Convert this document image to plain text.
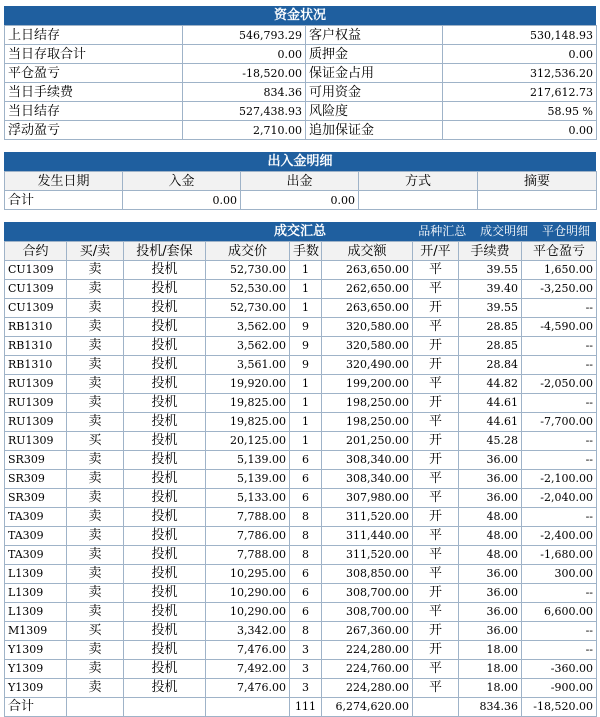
资金状况
上日结存	546,793.29	客户权益	530,148.93
当日存取合计	0.00	质押金	0.00
平仓盈亏	-18,520.00	保证金占用	312,536.20
当日手续费	834.36	可用资金	217,612.73
当日结存	527,438.93	风险度	58.95 %
浮动盈亏	2,710.00	追加保证金	0.00
出入金明细
发生日期	入金	出金	方式	摘要
合计	0.00	0.00		
成交汇总	品种汇总 成交明细 平仓明细
合约	买/卖	投机/套保	成交价	手数	成交额	开/平	手续费	平仓盈亏
CU1309	卖	投机	52,730.00	1	263,650.00	平	39.55	1,650.00
CU1309	卖	投机	52,530.00	1	262,650.00	平	39.40	-3,250.00
CU1309	卖	投机	52,730.00	1	263,650.00	开	39.55	--
RB1310	卖	投机	3,562.00	9	320,580.00	平	28.85	-4,590.00
RB1310	卖	投机	3,562.00	9	320,580.00	开	28.85	--
RB1310	卖	投机	3,561.00	9	320,490.00	开	28.84	--
RU1309	卖	投机	19,920.00	1	199,200.00	平	44.82	-2,050.00
RU1309	卖	投机	19,825.00	1	198,250.00	开	44.61	--
RU1309	卖	投机	19,825.00	1	198,250.00	平	44.61	-7,700.00
RU1309	买	投机	20,125.00	1	201,250.00	开	45.28	--
SR309	卖	投机	5,139.00	6	308,340.00	开	36.00	--
SR309	卖	投机	5,139.00	6	308,340.00	平	36.00	-2,100.00
SR309	卖	投机	5,133.00	6	307,980.00	平	36.00	-2,040.00
TA309	卖	投机	7,788.00	8	311,520.00	开	48.00	--
TA309	卖	投机	7,786.00	8	311,440.00	平	48.00	-2,400.00
TA309	卖	投机	7,788.00	8	311,520.00	平	48.00	-1,680.00
L1309	卖	投机	10,295.00	6	308,850.00	平	36.00	300.00
L1309	卖	投机	10,290.00	6	308,700.00	开	36.00	--
L1309	卖	投机	10,290.00	6	308,700.00	平	36.00	6,600.00
M1309	买	投机	3,342.00	8	267,360.00	开	36.00	--
Y1309	卖	投机	7,476.00	3	224,280.00	开	18.00	--
Y1309	卖	投机	7,492.00	3	224,760.00	平	18.00	-360.00
Y1309	卖	投机	7,476.00	3	224,280.00	平	18.00	-900.00
合计				111	6,274,620.00		834.36	-18,520.00
